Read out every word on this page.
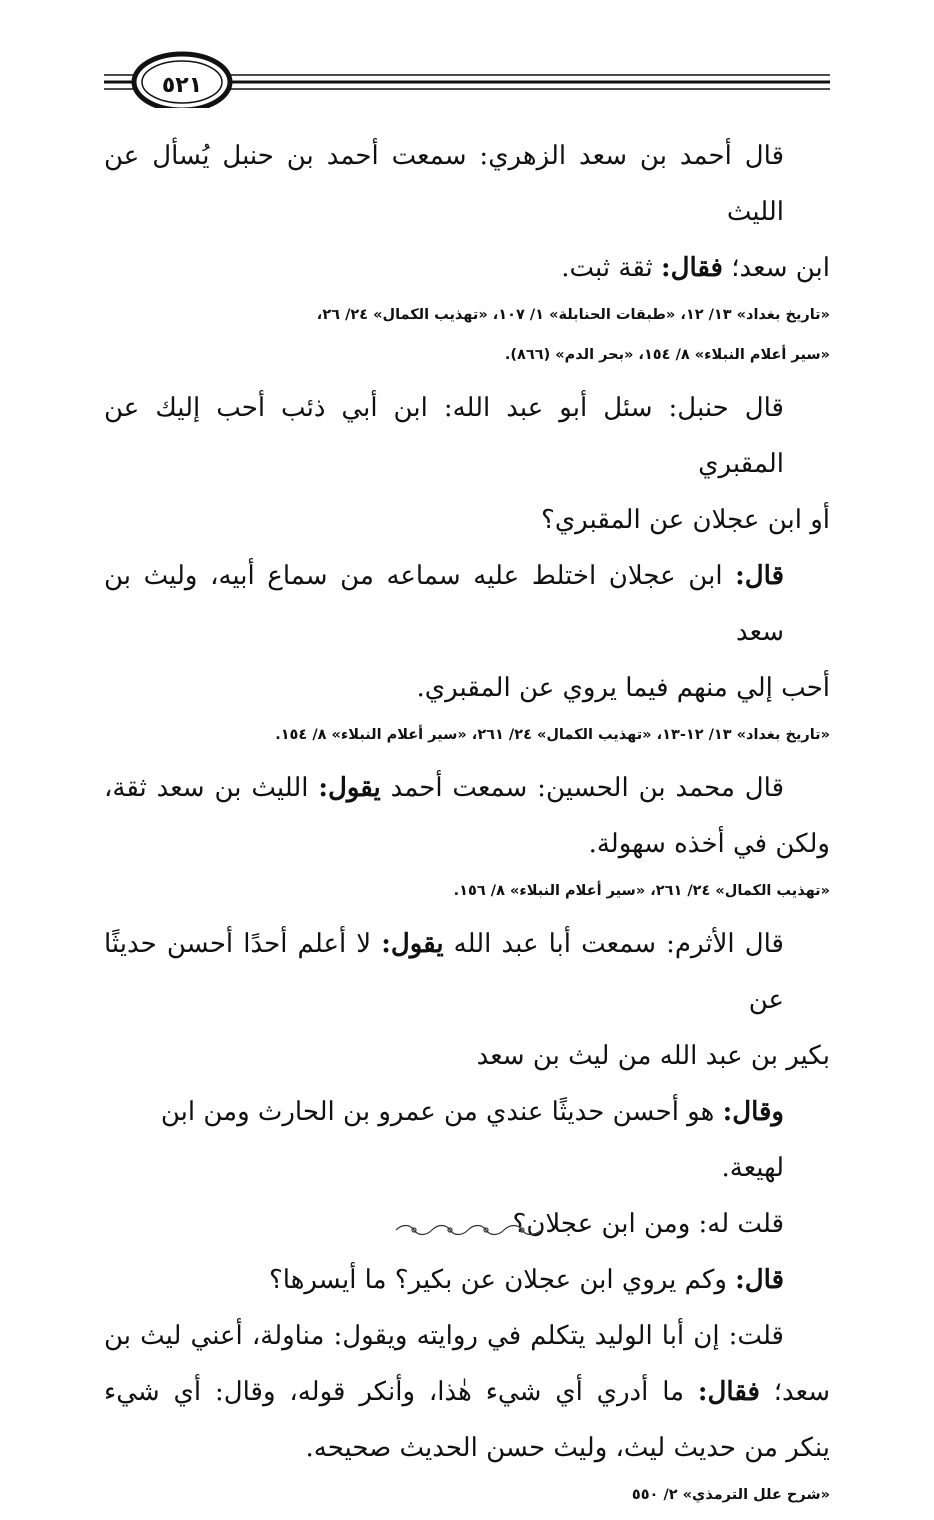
٥٢١
قال أحمد بن سعد الزهري: سمعت أحمد بن حنبل يُسأل عن الليث
ابن سعد؛ فقال: ثقة ثبت.
«تاريخ بغداد» ١٣/ ١٢، «طبقات الحنابلة» ١/ ١٠٧، «تهذيب الكمال» ٢٤/ ٢٦،
«سير أعلام النبلاء» ٨/ ١٥٤، «بحر الدم» (٨٦٦).
قال حنبل: سئل أبو عبد الله: ابن أبي ذئب أحب إليك عن المقبري
أو ابن عجلان عن المقبري؟
قال: ابن عجلان اختلط عليه سماعه من سماع أبيه، وليث بن سعد
أحب إلي منهم فيما يروي عن المقبري.
«تاريخ بغداد» ١٣/ ١٢-١٣، «تهذيب الكمال» ٢٤/ ٢٦١، «سير أعلام النبلاء» ٨/ ١٥٤.
قال محمد بن الحسين: سمعت أحمد يقول: الليث بن سعد ثقة،
ولكن في أخذه سهولة.
«تهذيب الكمال» ٢٤/ ٢٦١، «سير أعلام النبلاء» ٨/ ١٥٦.
قال الأثرم: سمعت أبا عبد الله يقول: لا أعلم أحدًا أحسن حديثًا عن
بكير بن عبد الله من ليث بن سعد
وقال: هو أحسن حديثًا عندي من عمرو بن الحارث ومن ابن لهيعة.
قلت له: ومن ابن عجلان؟
قال: وكم يروي ابن عجلان عن بكير؟ ما أيسرها؟
قلت: إن أبا الوليد يتكلم في روايته ويقول: مناولة، أعني ليث بن
سعد؛ فقال: ما أدري أي شيء هٰذا، وأنكر قوله، وقال: أي شيء
ينكر من حديث ليث، وليث حسن الحديث صحيحه.
«شرح علل الترمذي» ٢/ ٥٥٠
